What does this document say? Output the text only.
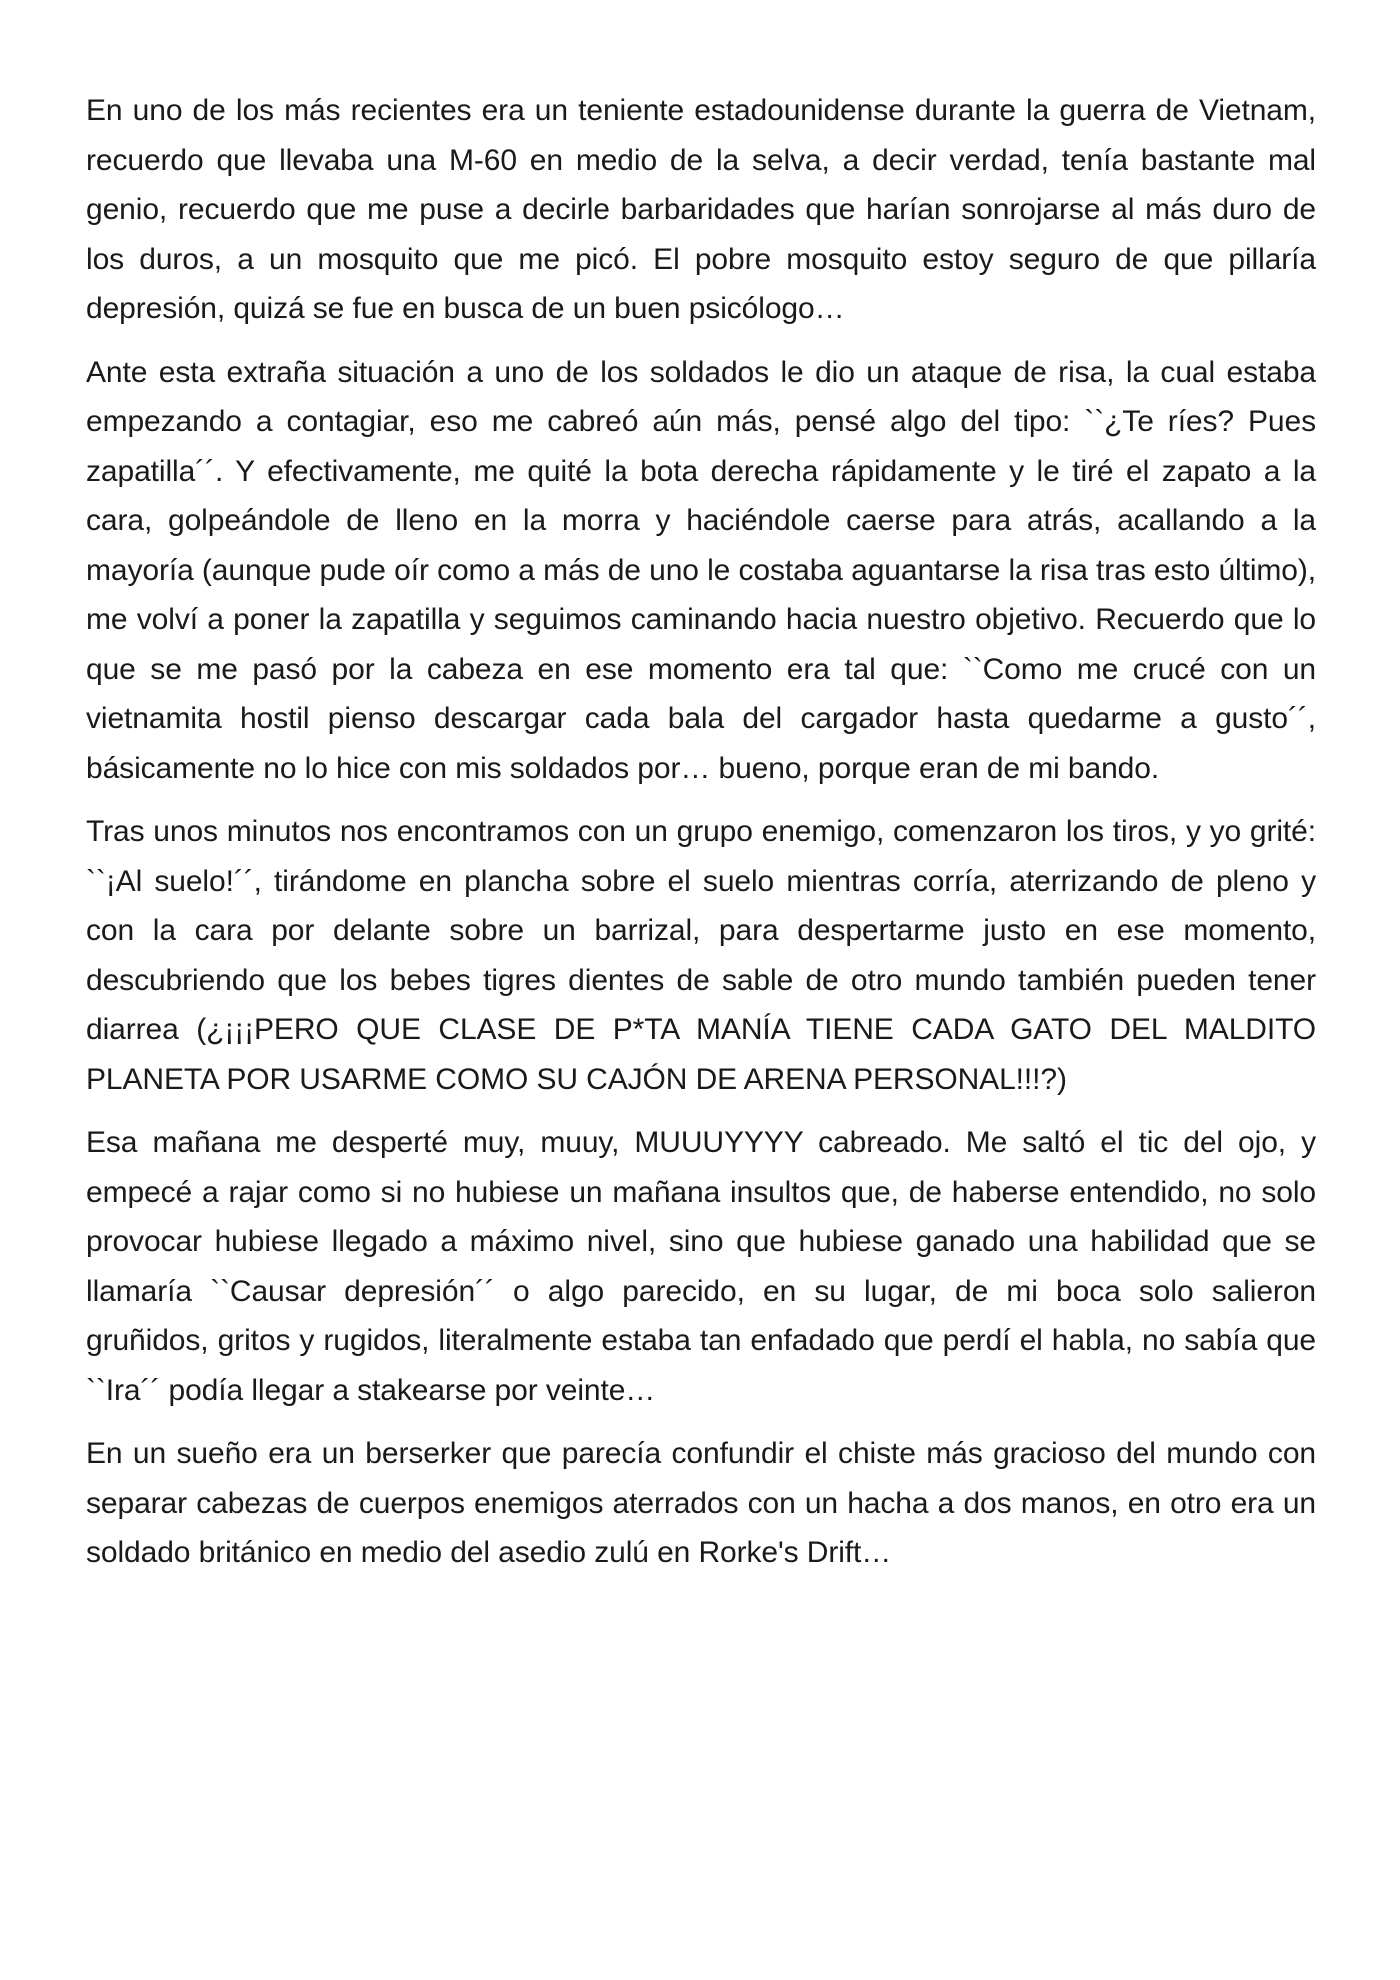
En uno de los más recientes era un teniente estadounidense durante la guerra de Vietnam, recuerdo que llevaba una M-60 en medio de la selva, a decir verdad, tenía bastante mal genio, recuerdo que me puse a decirle barbaridades que harían sonrojarse al más duro de los duros, a un mosquito que me picó. El pobre mosquito estoy seguro de que pillaría depresión, quizá se fue en busca de un buen psicólogo…

Ante esta extraña situación a uno de los soldados le dio un ataque de risa, la cual estaba empezando a contagiar, eso me cabreó aún más, pensé algo del tipo: ``¿Te ríes? Pues zapatilla´´. Y efectivamente, me quité la bota derecha rápidamente y le tiré el zapato a la cara, golpeándole de lleno en la morra y haciéndole caerse para atrás, acallando a la mayoría (aunque pude oír como a más de uno le costaba aguantarse la risa tras esto último), me volví a poner la zapatilla y seguimos caminando hacia nuestro objetivo. Recuerdo que lo que se me pasó por la cabeza en ese momento era tal que: ``Como me crucé con un vietnamita hostil pienso descargar cada bala del cargador hasta quedarme a gusto´´, básicamente no lo hice con mis soldados por… bueno, porque eran de mi bando.

Tras unos minutos nos encontramos con un grupo enemigo, comenzaron los tiros, y yo grité: ``¡Al suelo!´´, tirándome en plancha sobre el suelo mientras corría, aterrizando de pleno y con la cara por delante sobre un barrizal, para despertarme justo en ese momento, descubriendo que los bebes tigres dientes de sable de otro mundo también pueden tener diarrea (¿¡¡¡PERO QUE CLASE DE P*TA MANÍA TIENE CADA GATO DEL MALDITO PLANETA POR USARME COMO SU CAJÓN DE ARENA PERSONAL!!!?)

Esa mañana me desperté muy, muuy, MUUUYYYY cabreado. Me saltó el tic del ojo, y empecé a rajar como si no hubiese un mañana insultos que, de haberse entendido, no solo provocar hubiese llegado a máximo nivel, sino que hubiese ganado una habilidad que se llamaría ``Causar depresión´´ o algo parecido, en su lugar, de mi boca solo salieron gruñidos, gritos y rugidos, literalmente estaba tan enfadado que perdí el habla, no sabía que ``Ira´´ podía llegar a stakearse por veinte…

En un sueño era un berserker que parecía confundir el chiste más gracioso del mundo con separar cabezas de cuerpos enemigos aterrados con un hacha a dos manos, en otro era un soldado británico en medio del asedio zulú en Rorke's Drift…
